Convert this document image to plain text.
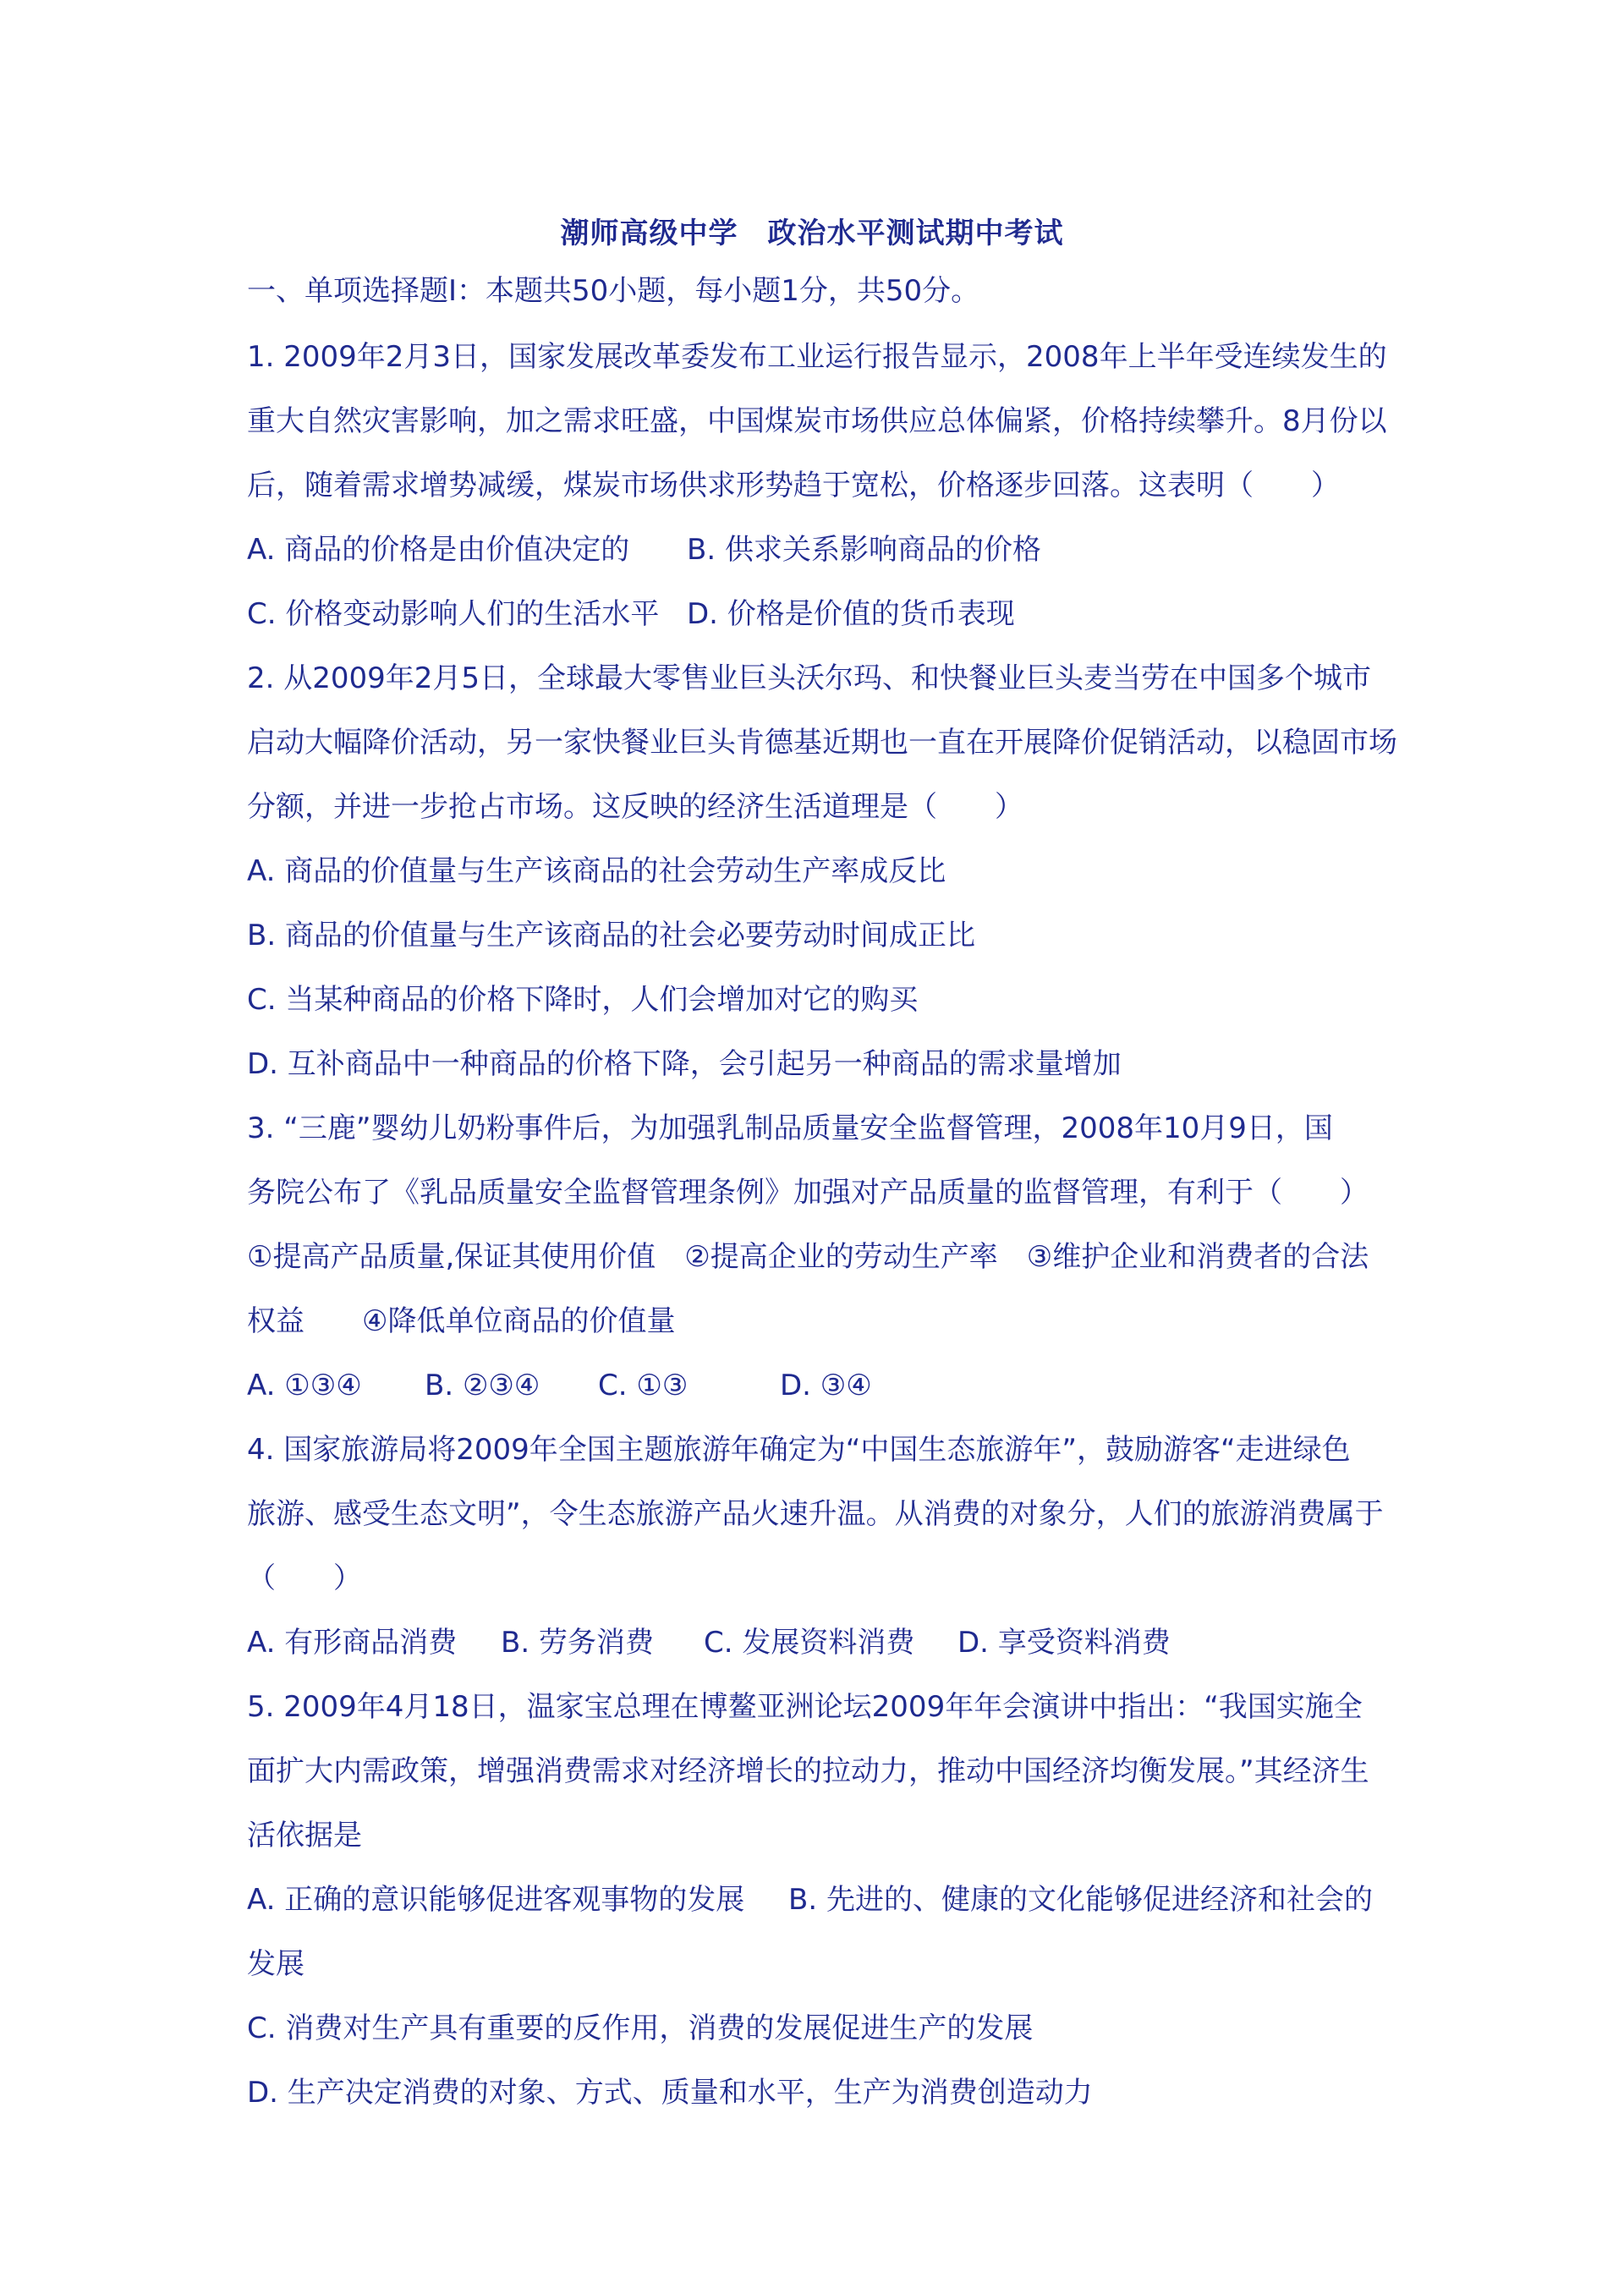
潮师高级中学　政治水平测试期中考试
一、单项选择题Ⅰ：本题共50小题，每小题1分，共50分。
1. 2009年2月3日，国家发展改革委发布工业运行报告显示，2008年上半年受连续发生的
重大自然灾害影响，加之需求旺盛，中国煤炭市场供应总体偏紧，价格持续攀升。8月份以
后，随着需求增势减缓，煤炭市场供求形势趋于宽松，价格逐步回落。这表明（　　）
A. 商品的价格是由价值决定的 B. 供求关系影响商品的价格
C. 价格变动影响人们的生活水平 D. 价格是价值的货币表现
2. 从2009年2月5日，全球最大零售业巨头沃尔玛、和快餐业巨头麦当劳在中国多个城市
启动大幅降价活动，另一家快餐业巨头肯德基近期也一直在开展降价促销活动，以稳固市场
分额，并进一步抢占市场。这反映的经济生活道理是（　　）
A. 商品的价值量与生产该商品的社会劳动生产率成反比
B. 商品的价值量与生产该商品的社会必要劳动时间成正比
C. 当某种商品的价格下降时，人们会增加对它的购买
D. 互补商品中一种商品的价格下降，会引起另一种商品的需求量增加
3. “三鹿”婴幼儿奶粉事件后，为加强乳制品质量安全监督管理，2008年10月9日，国
务院公布了《乳品质量安全监督管理条例》加强对产品质量的监督管理，有利于（　　）
①提高产品质量,保证其使用价值　②提高企业的劳动生产率　③维护企业和消费者的合法
权益　　④降低单位商品的价值量
A. ①③④ B. ②③④ C. ①③	D. ③④
4. 国家旅游局将2009年全国主题旅游年确定为“中国生态旅游年”，鼓励游客“走进绿色
旅游、感受生态文明”，令生态旅游产品火速升温。从消费的对象分，人们的旅游消费属于
（　　）
A. 有形商品消费 B. 劳务消费 C. 发展资料消费 D. 享受资料消费
5. 2009年4月18日，温家宝总理在博鳌亚洲论坛2009年年会演讲中指出：“我国实施全
面扩大内需政策，增强消费需求对经济增长的拉动力，推动中国经济均衡发展。”其经济生
活依据是
A. 正确的意识能够促进客观事物的发展 B. 先进的、健康的文化能够促进经济和社会的
发展
C. 消费对生产具有重要的反作用，消费的发展促进生产的发展
D. 生产决定消费的对象、方式、质量和水平，生产为消费创造动力
